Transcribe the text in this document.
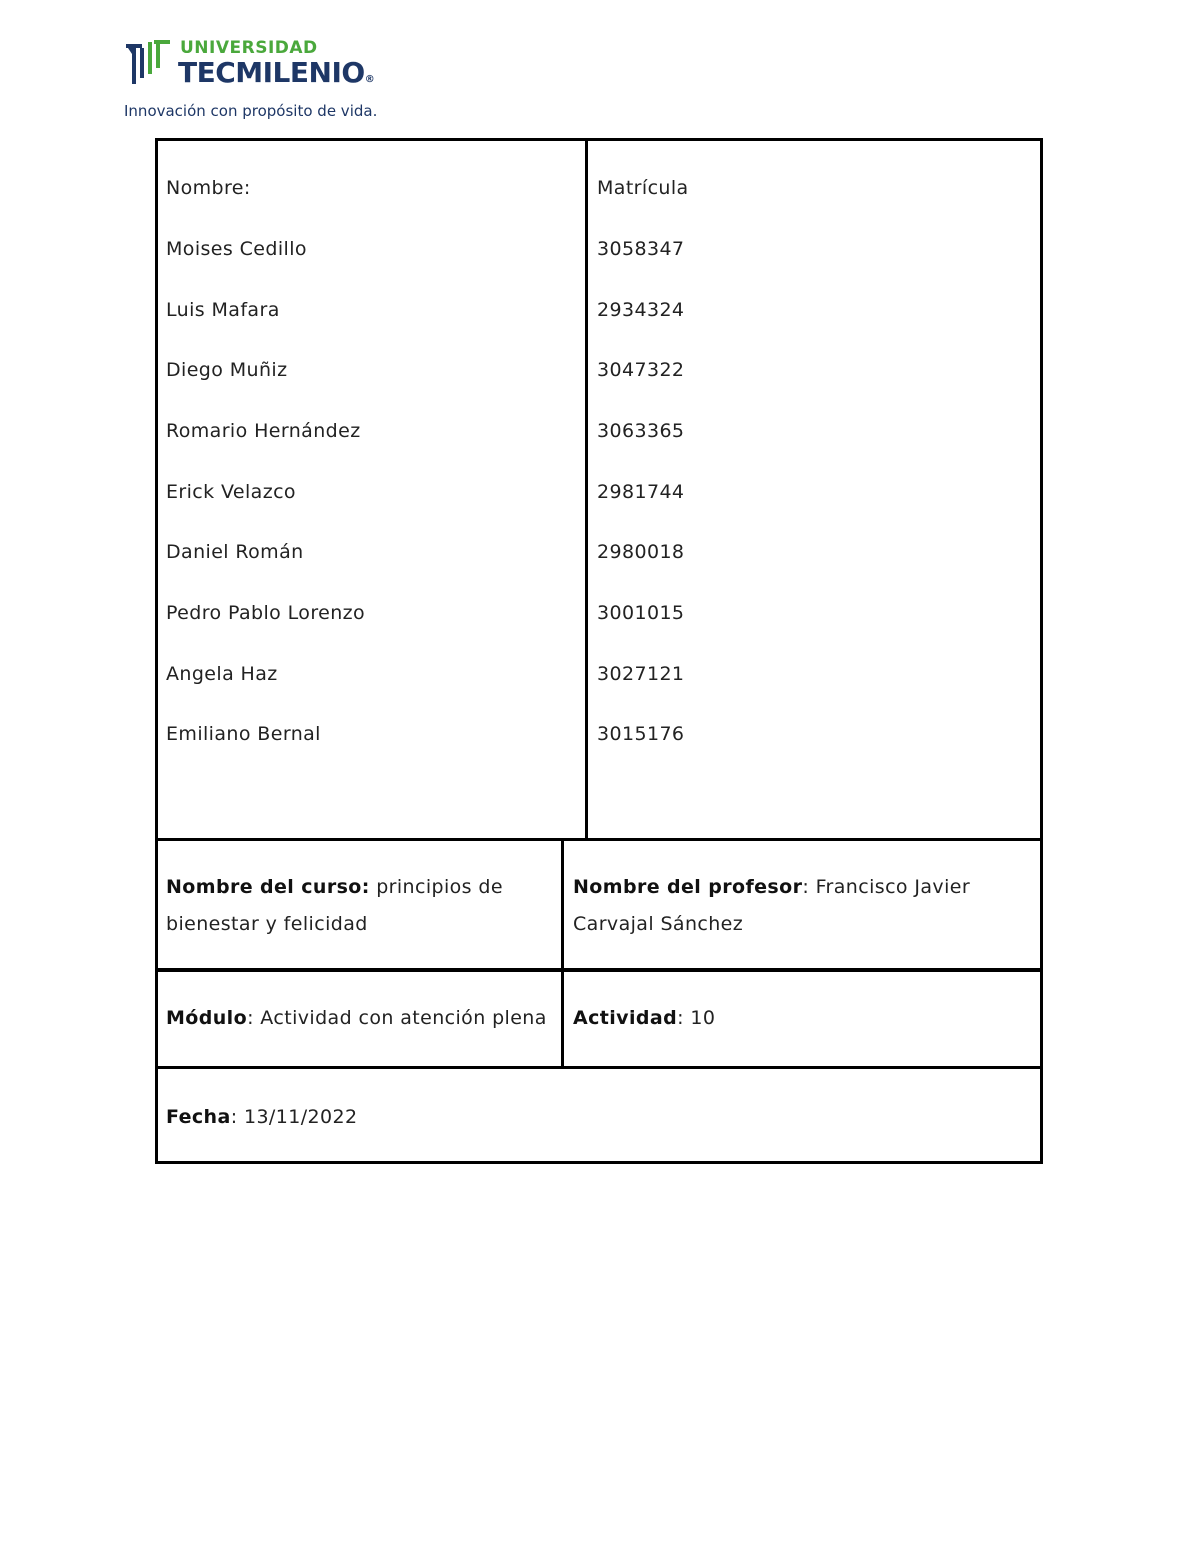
UNIVERSIDAD
TECMILENIO®
Innovación con propósito de vida.
Nombre:	Matrícula
Moises Cedillo	3058347
Luis Mafara	2934324
Diego Muñiz	3047322
Romario Hernández	3063365
Erick Velazco	2981744
Daniel Román	2980018
Pedro Pablo Lorenzo	3001015
Angela Haz	3027121
Emiliano Bernal	3015176
Nombre del curso: principios de bienestar y felicidad
Nombre del profesor: Francisco Javier Carvajal Sánchez
Módulo: Actividad con atención plena Actividad: 10
Fecha: 13/11/2022
